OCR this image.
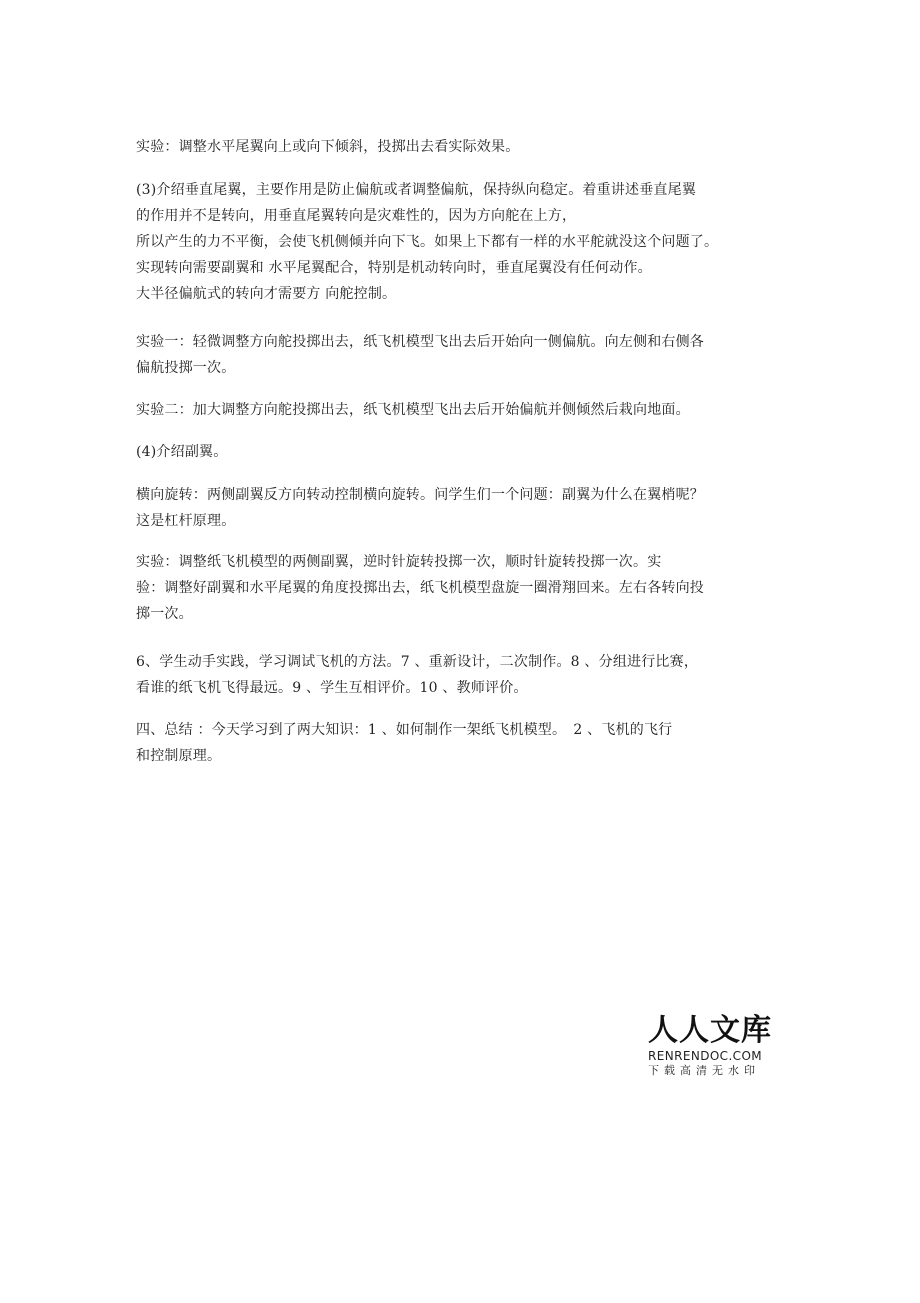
实验：调整水平尾翼向上或向下倾斜，投掷出去看实际效果。

(3)介绍垂直尾翼，主要作用是防止偏航或者调整偏航，保持纵向稳定。着重讲述垂直尾翼
的作用并不是转向，用垂直尾翼转向是灾难性的，因为方向舵在上方，
所以产生的力不平衡，会使飞机侧倾并向下飞。如果上下都有一样的水平舵就没这个问题了。
实现转向需要副翼和 水平尾翼配合，特别是机动转向时，垂直尾翼没有任何动作。
大半径偏航式的转向才需要方 向舵控制。

实验一：轻微调整方向舵投掷出去，纸飞机模型飞出去后开始向一侧偏航。向左侧和右侧各
偏航投掷一次。

实验二：加大调整方向舵投掷出去，纸飞机模型飞出去后开始偏航并侧倾然后栽向地面。

(4)介绍副翼。

横向旋转：两侧副翼反方向转动控制横向旋转。问学生们一个问题：副翼为什么在翼梢呢？
这是杠杆原理。

实验：调整纸飞机模型的两侧副翼，逆时针旋转投掷一次，顺时针旋转投掷一次。实
验：调整好副翼和水平尾翼的角度投掷出去，纸飞机模型盘旋一圈滑翔回来。左右各转向投
掷一次。

6、学生动手实践，学习调试飞机的方法。7 、重新设计，二次制作。8 、分组进行比赛，
看谁的纸飞机飞得最远。9 、学生互相评价。10 、教师评价。

四、总结 ：今天学习到了两大知识：1 、如何制作一架纸飞机模型。　2 、飞机的飞行
和控制原理。

人人文库
RENRENDOC.COM
下载高清无水印
